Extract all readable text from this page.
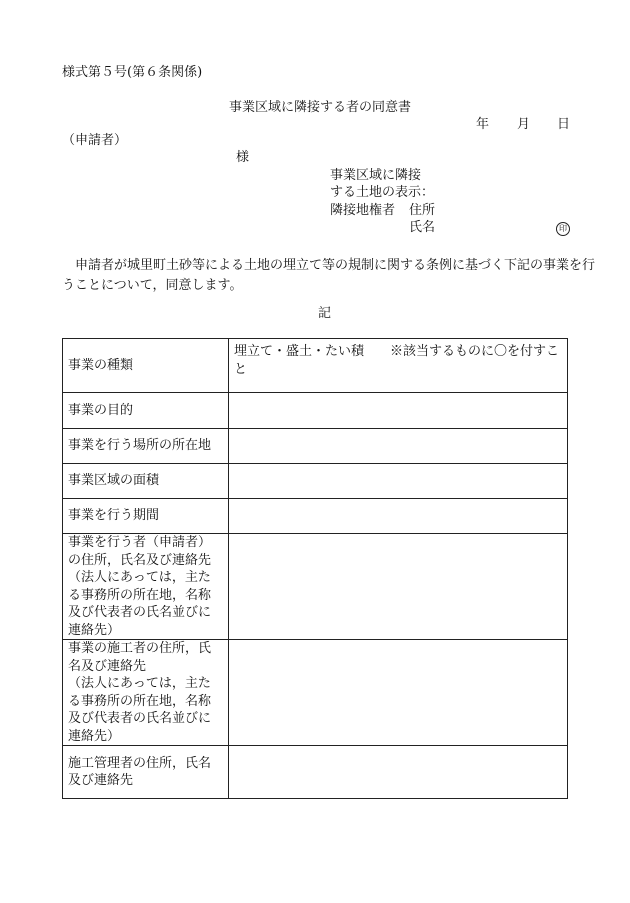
様式第５号(第６条関係)
事業区域に隣接する者の同意書
年 月 日
（申請者）
様
事業区域に隣接
する土地の表示：
隣接地権者 住所
氏名	印
申請者が城里町土砂等による土地の埋立て等の規制に関する条例に基づく下記の事業を行うことについて，同意します。
記
事業の種類	埋立て・盛土・たい積　　※該当するものに〇を付すこと
事業の目的	
事業を行う場所の所在地	
事業区域の面積	
事業を行う期間	
事業を行う者（申請者）の住所，氏名及び連絡先
（法人にあっては，主たる事務所の所在地，名称及び代表者の氏名並びに連絡先）	
事業の施工者の住所，氏名及び連絡先
（法人にあっては，主たる事務所の所在地，名称及び代表者の氏名並びに連絡先）	
施工管理者の住所，氏名及び連絡先	
